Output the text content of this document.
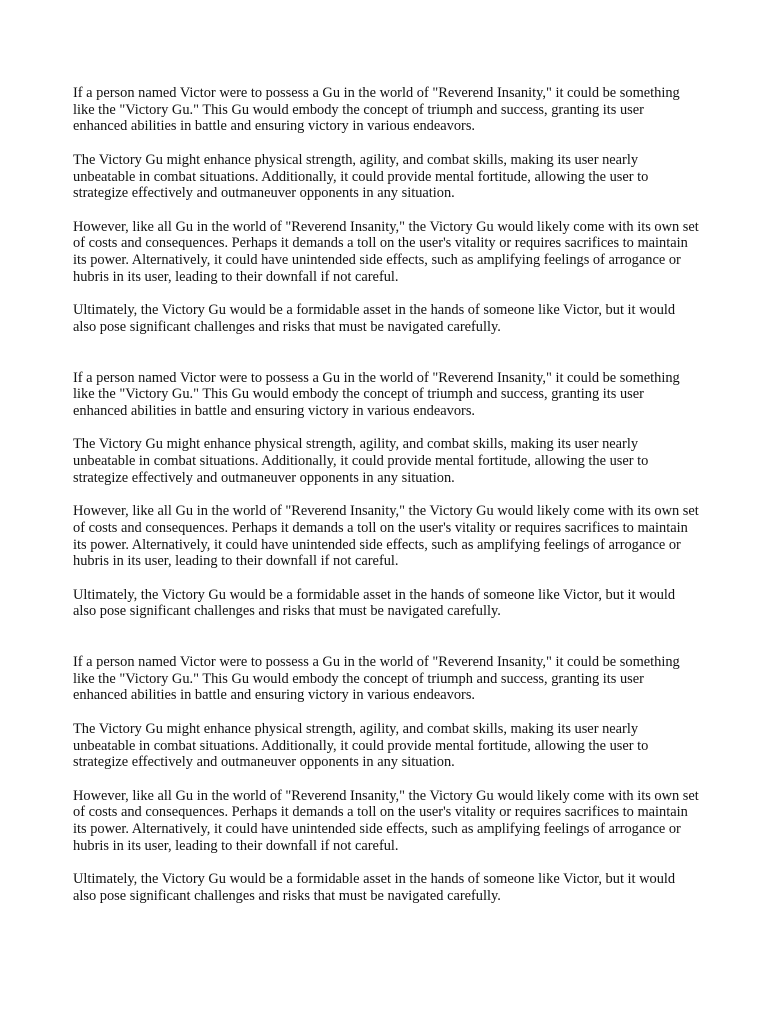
If a person named Victor were to possess a Gu in the world of "Reverend Insanity," it could be something like the "Victory Gu." This Gu would embody the concept of triumph and success, granting its user enhanced abilities in battle and ensuring victory in various endeavors.

The Victory Gu might enhance physical strength, agility, and combat skills, making its user nearly unbeatable in combat situations. Additionally, it could provide mental fortitude, allowing the user to strategize effectively and outmaneuver opponents in any situation.

However, like all Gu in the world of "Reverend Insanity," the Victory Gu would likely come with its own set of costs and consequences. Perhaps it demands a toll on the user's vitality or requires sacrifices to maintain its power. Alternatively, it could have unintended side effects, such as amplifying feelings of arrogance or hubris in its user, leading to their downfall if not careful.

Ultimately, the Victory Gu would be a formidable asset in the hands of someone like Victor, but it would also pose significant challenges and risks that must be navigated carefully.

If a person named Victor were to possess a Gu in the world of "Reverend Insanity," it could be something like the "Victory Gu." This Gu would embody the concept of triumph and success, granting its user enhanced abilities in battle and ensuring victory in various endeavors.

The Victory Gu might enhance physical strength, agility, and combat skills, making its user nearly unbeatable in combat situations. Additionally, it could provide mental fortitude, allowing the user to strategize effectively and outmaneuver opponents in any situation.

However, like all Gu in the world of "Reverend Insanity," the Victory Gu would likely come with its own set of costs and consequences. Perhaps it demands a toll on the user's vitality or requires sacrifices to maintain its power. Alternatively, it could have unintended side effects, such as amplifying feelings of arrogance or hubris in its user, leading to their downfall if not careful.

Ultimately, the Victory Gu would be a formidable asset in the hands of someone like Victor, but it would also pose significant challenges and risks that must be navigated carefully.

If a person named Victor were to possess a Gu in the world of "Reverend Insanity," it could be something like the "Victory Gu." This Gu would embody the concept of triumph and success, granting its user enhanced abilities in battle and ensuring victory in various endeavors.

The Victory Gu might enhance physical strength, agility, and combat skills, making its user nearly unbeatable in combat situations. Additionally, it could provide mental fortitude, allowing the user to strategize effectively and outmaneuver opponents in any situation.

However, like all Gu in the world of "Reverend Insanity," the Victory Gu would likely come with its own set of costs and consequences. Perhaps it demands a toll on the user's vitality or requires sacrifices to maintain its power. Alternatively, it could have unintended side effects, such as amplifying feelings of arrogance or hubris in its user, leading to their downfall if not careful.

Ultimately, the Victory Gu would be a formidable asset in the hands of someone like Victor, but it would also pose significant challenges and risks that must be navigated carefully.
